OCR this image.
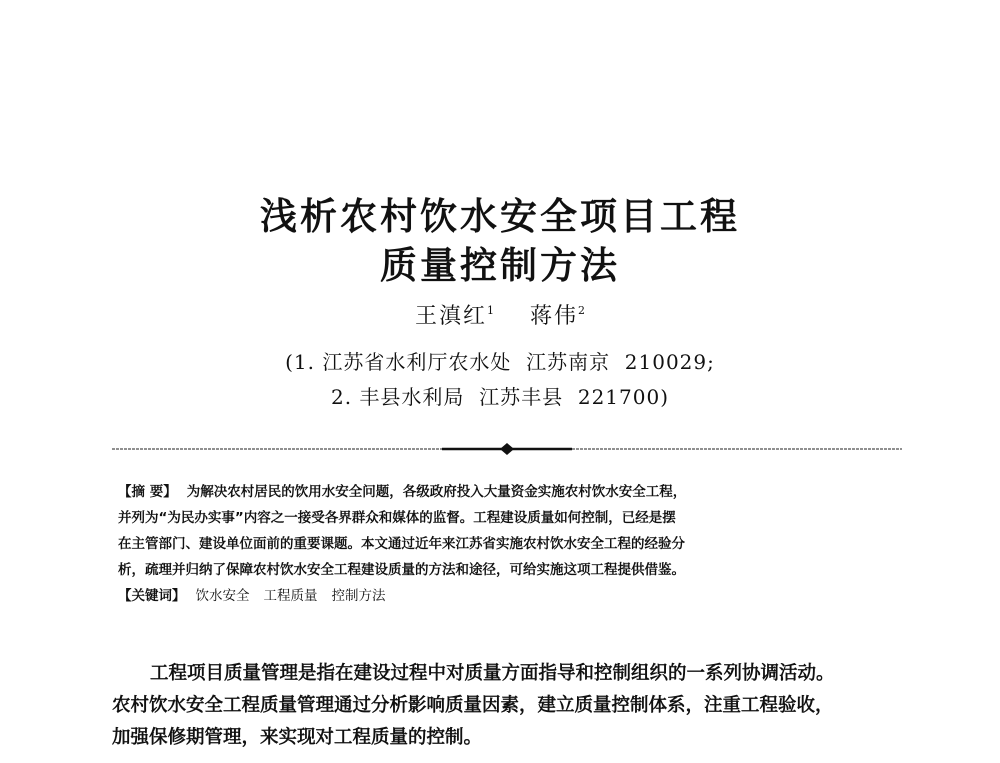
浅析农村饮水安全项目工程
质量控制方法
王滇红$^1$ 蒋伟$^2$
(1. 江苏省水利厅农水处  江苏南京  210029;
2. 丰县水利局  江苏丰县  221700)
【摘 要】 为解决农村居民的饮用水安全问题，各级政府投入大量资金实施农村饮水安全工程，
并列为“为民办实事”内容之一接受各界群众和媒体的监督。工程建设质量如何控制，已经是摆
在主管部门、建设单位面前的重要课题。本文通过近年来江苏省实施农村饮水安全工程的经验分
析，疏理并归纳了保障农村饮水安全工程建设质量的方法和途径，可给实施这项工程提供借鉴。
【关键词】 饮水安全 工程质量 控制方法
工程项目质量管理是指在建设过程中对质量方面指导和控制组织的一系列协调活动。
农村饮水安全工程质量管理通过分析影响质量因素，建立质量控制体系，注重工程验收，
加强保修期管理，来实现对工程质量的控制。
